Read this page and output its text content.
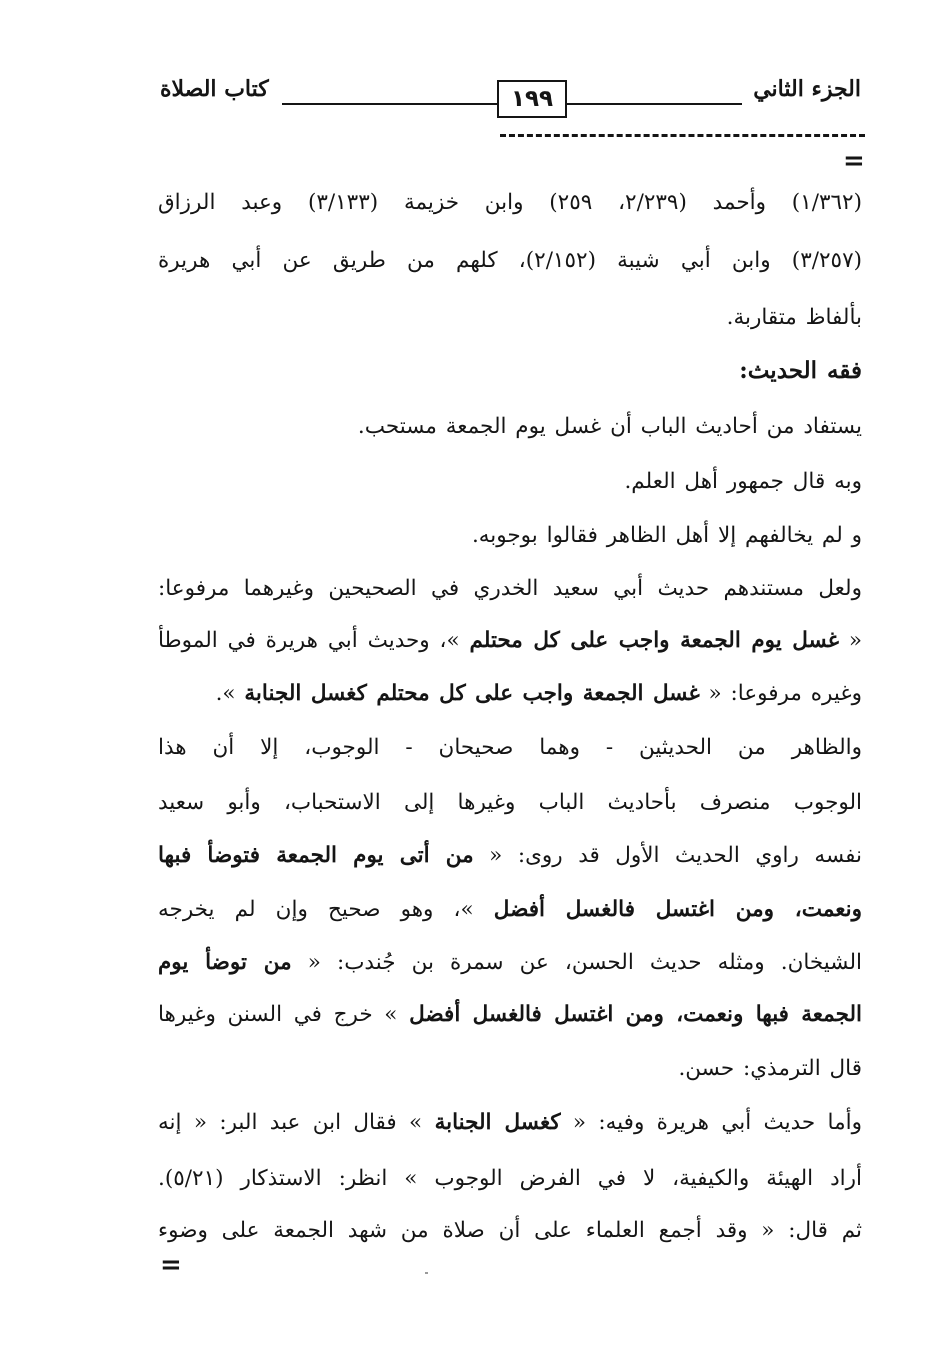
الجزء الثاني
١٩٩
كتاب الصلاة
=
(١/٣٦٢) وأحمد (٢/٢٣٩، ٢٥٩) وابن خزيمة (٣/١٣٣) وعبد الرزاق
(٣/٢٥٧) وابن أبي شيبة (٢/١٥٢)، كلهم من طريق عن أبي هريرة
بألفاظ متقاربة.
فقه الحديث:
يستفاد من أحاديث الباب أن غسل يوم الجمعة مستحب.
وبه قال جمهور أهل العلم.
و لم يخالفهم إلا أهل الظاهر فقالوا بوجوبه.
ولعل مستندهم حديث أبي سعيد الخدري في الصحيحين وغيرهما مرفوعا:
« غسل يوم الجمعة واجب على كل محتلم »، وحديث أبي هريرة في الموطأ
وغيره مرفوعا: « غسل الجمعة واجب على كل محتلم كغسل الجنابة ».
والظاهر من الحديثين - وهما صحيحان - الوجوب، إلا أن هذا
الوجوب منصرف بأحاديث الباب وغيرها إلى الاستحباب، وأبو سعيد
نفسه راوي الحديث الأول قد روى: « من أتى يوم الجمعة فتوضأ فبها
ونعمت، ومن اغتسل فالغسل أفضل »، وهو صحيح وإن لم يخرجه
الشيخان. ومثله حديث الحسن، عن سمرة بن جُندب: « من توضأ يوم
الجمعة فبها ونعمت، ومن اغتسل فالغسل أفضل » خرج في السنن وغيرها
قال الترمذي: حسن.
وأما حديث أبي هريرة وفيه: « كغسل الجنابة » فقال ابن عبد البر: « إنه
أراد الهيئة والكيفية، لا في الفرض الوجوب » انظر: الاستذكار (٥/٢١).
ثم قال: « وقد أجمع العلماء على أن صلاة من شهد الجمعة على وضوء
=
